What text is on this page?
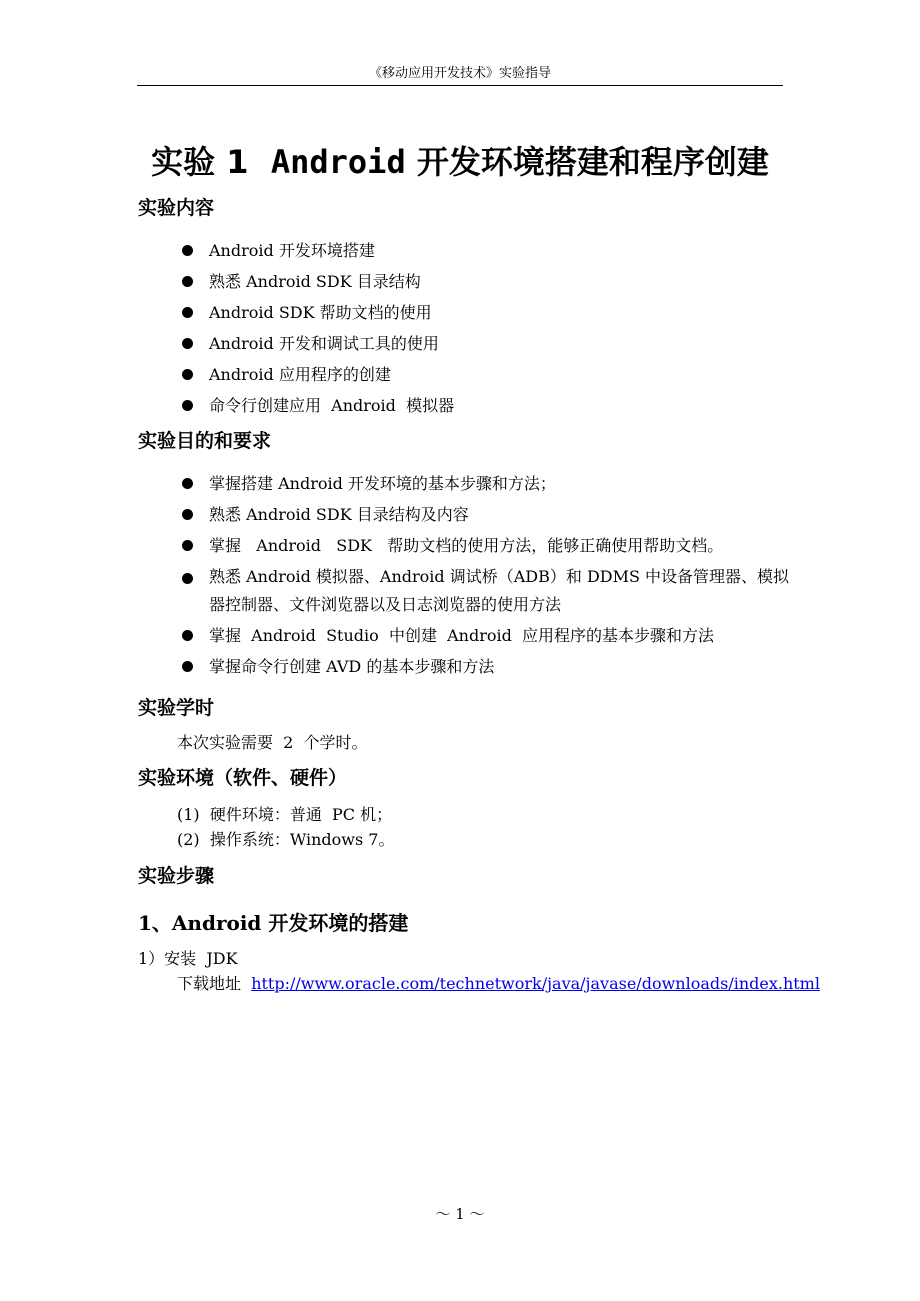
《移动应用开发技术》实验指导
实验 1 Android 开发环境搭建和程序创建
实验内容
Android 开发环境搭建
熟悉 Android SDK 目录结构
Android SDK 帮助文档的使用
Android 开发和调试工具的使用
Android 应用程序的创建
命令行创建应用  Android  模拟器
实验目的和要求
掌握搭建 Android 开发环境的基本步骤和方法；
熟悉 Android SDK 目录结构及内容
掌握   Android   SDK   帮助文档的使用方法，能够正确使用帮助文档。
熟悉 Android 模拟器、Android 调试桥（ADB）和 DDMS 中设备管理器、模拟器控制器、文件浏览器以及日志浏览器的使用方法
掌握  Android  Studio  中创建  Android  应用程序的基本步骤和方法
掌握命令行创建 AVD 的基本步骤和方法
实验学时
本次实验需要  2  个学时。
实验环境（软件、硬件）
(1)  硬件环境：普通  PC 机；
(2)  操作系统：Windows 7。
实验步骤
1、Android 开发环境的搭建
1）安装  JDK
下载地址 http://www.oracle.com/technetwork/java/javase/downloads/index.html
～ 1 ～
